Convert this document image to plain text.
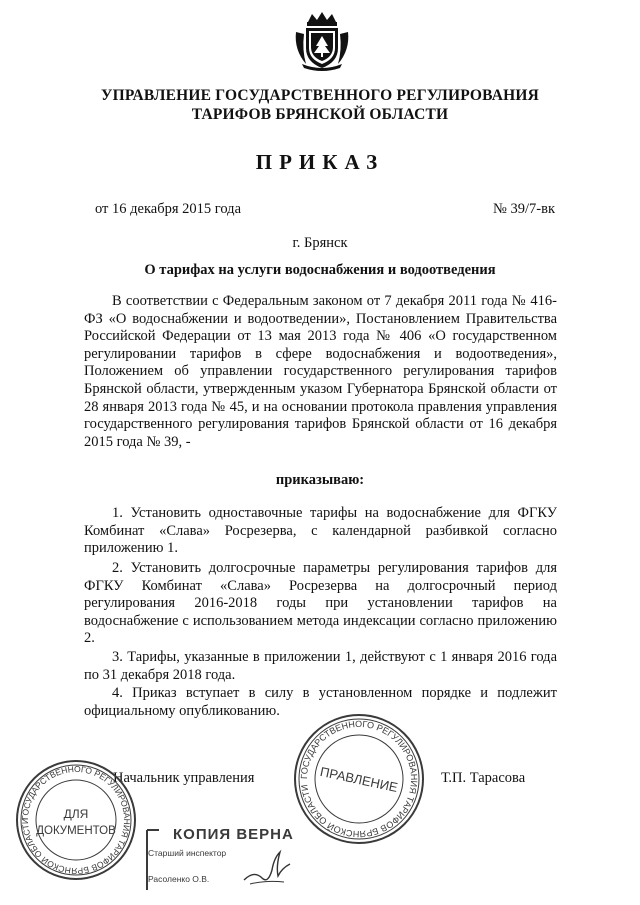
УПРАВЛЕНИЕ ГОСУДАРСТВЕННОГО РЕГУЛИРОВАНИЯ
ТАРИФОВ БРЯНСКОЙ ОБЛАСТИ
ПРИКАЗ
от 16 декабря 2015 года	№ 39/7-вк
г. Брянск
О тарифах на услуги водоснабжения и водоотведения
В соответствии с Федеральным законом от 7 декабря 2011 года № 416-ФЗ «О водоснабжении и водоотведении», Постановлением Правительства Российской Федерации от 13 мая 2013 года № 406 «О государственном регулировании тарифов в сфере водоснабжения и водоотведения», Положением об управлении государственного регулирования тарифов Брянской области, утвержденным указом Губернатора Брянской области от 28 января 2013 года № 45, и на основании протокола правления управления государственного регулирования тарифов Брянской области от 16 декабря 2015 года № 39, -
приказываю:
1. Установить одноставочные тарифы на водоснабжение для ФГКУ Комбинат «Слава» Росрезерва, с календарной разбивкой согласно приложению 1.
2. Установить долгосрочные параметры регулирования тарифов для ФГКУ Комбинат «Слава» Росрезерва на долгосрочный период регулирования 2016-2018 годы при установлении тарифов на водоснабжение с использованием метода индексации согласно приложению 2.
3. Тарифы, указанные в приложении 1, действуют с 1 января 2016 года по 31 декабря 2018 года.
4. Приказ вступает в силу в установленном порядке и подлежит официальному опубликованию.
Начальник управления	Т.П. Тарасова
ГОСУДАРСТВЕННОГО РЕГУЛИРОВАНИЯ ТАРИФОВ БРЯНСКОЙ ОБЛАСТИ	ДЛЯ
ДОКУМЕНТОВ
ГОСУДАРСТВЕННОГО РЕГУЛИРОВАНИЯ ТАРИФОВ БРЯНСКОЙ ОБЛАСТИ ПРАВЛЕНИЕ
КОПИЯ ВЕРНА
Старший инспектор
Расоленко О.В.
